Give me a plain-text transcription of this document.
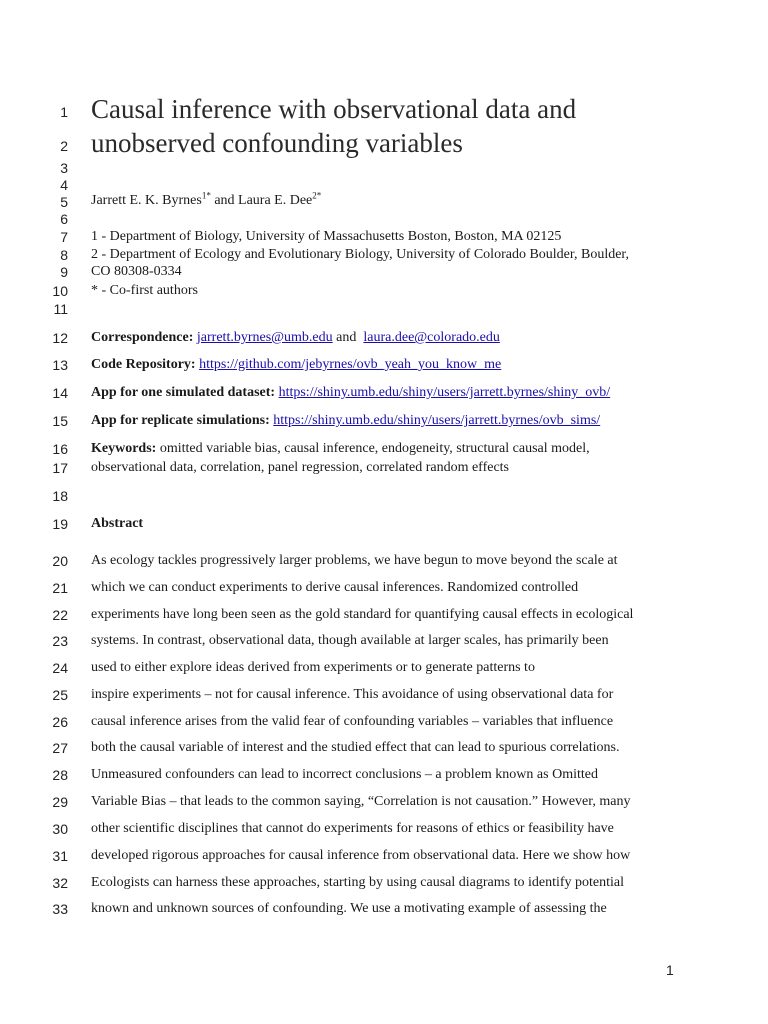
1
2
3
4
5
6
7
8
9
10
11
12
13
14
15
16
17
18
19
20
21
22
23
24
25
26
27
28
29
30
31
32
33
Causal inference with observational data and
unobserved confounding variables
Jarrett E. K. Byrnes$^{1*}$ and Laura E. Dee$^{2*}$
1 - Department of Biology, University of Massachusetts Boston, Boston, MA 02125
2 - Department of Ecology and Evolutionary Biology, University of Colorado Boulder, Boulder,
CO 80308-0334
* - Co-first authors
Correspondence: jarrett.byrnes@umb.edu and laura.dee@colorado.edu
Code Repository: https://github.com/jebyrnes/ovb_yeah_you_know_me
App for one simulated dataset: https://shiny.umb.edu/shiny/users/jarrett.byrnes/shiny_ovb/
App for replicate simulations: https://shiny.umb.edu/shiny/users/jarrett.byrnes/ovb_sims/
Keywords: omitted variable bias, causal inference, endogeneity, structural causal model,
observational data, correlation, panel regression, correlated random effects
Abstract
As ecology tackles progressively larger problems, we have begun to move beyond the scale at
which we can conduct experiments to derive causal inferences. Randomized controlled
experiments have long been seen as the gold standard for quantifying causal effects in ecological
systems. In contrast, observational data, though available at larger scales, has primarily been
used to either explore ideas derived from experiments or to generate patterns to
inspire experiments – not for causal inference. This avoidance of using observational data for
causal inference arises from the valid fear of confounding variables – variables that influence
both the causal variable of interest and the studied effect that can lead to spurious correlations.
Unmeasured confounders can lead to incorrect conclusions – a problem known as Omitted
Variable Bias – that leads to the common saying, “Correlation is not causation.” However, many
other scientific disciplines that cannot do experiments for reasons of ethics or feasibility have
developed rigorous approaches for causal inference from observational data. Here we show how
Ecologists can harness these approaches, starting by using causal diagrams to identify potential
known and unknown sources of confounding. We use a motivating example of assessing the
1
